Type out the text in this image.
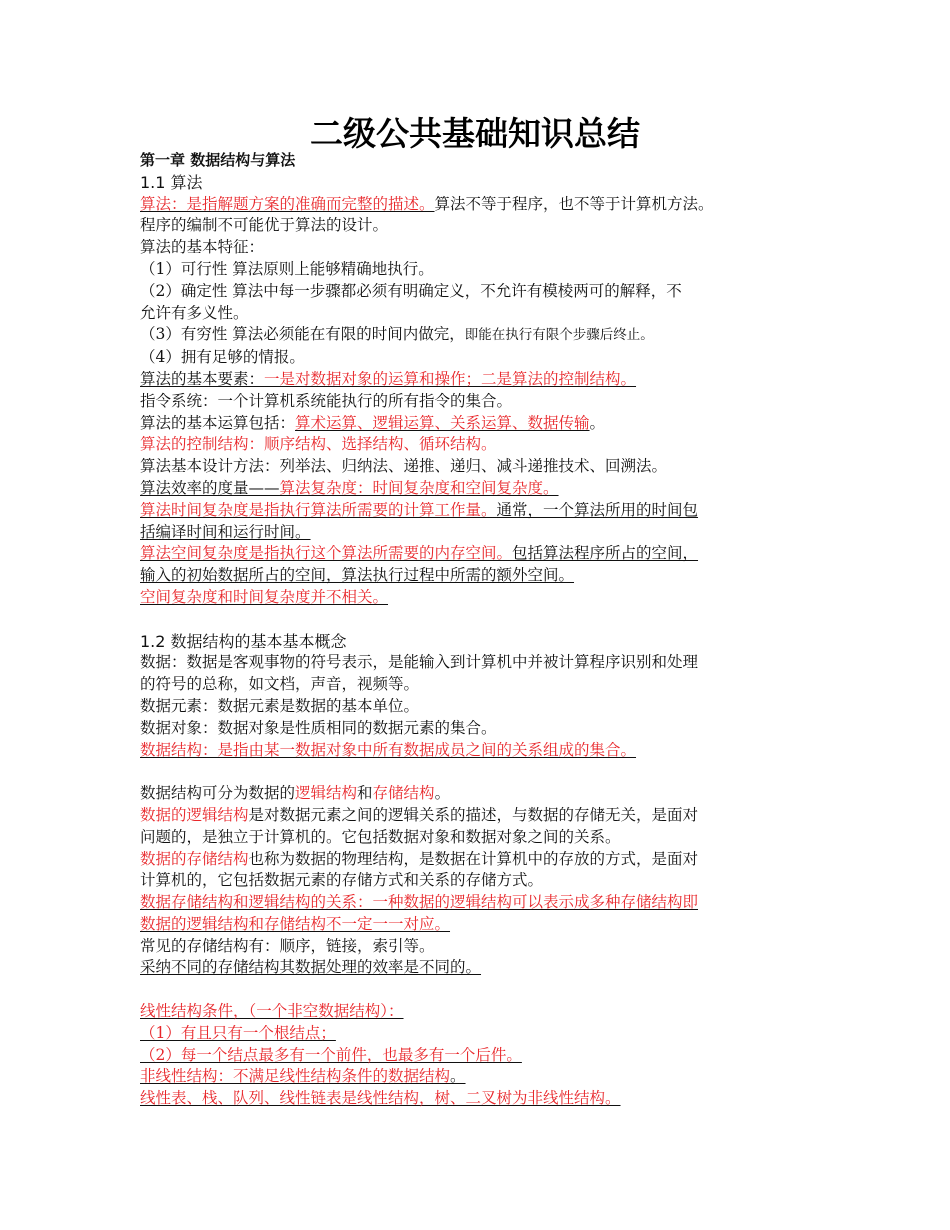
二级公共基础知识总结
第一章 数据结构与算法
1.1 算法
算法：是指解题方案的准确而完整的描述。算法不等于程序，也不等于计算机方法。
程序的编制不可能优于算法的设计。
算法的基本特征：
（1）可行性 算法原则上能够精确地执行。
（2）确定性 算法中每一步骤都必须有明确定义，不允许有模棱两可的解释，不
允许有多义性。
（3）有穷性 算法必须能在有限的时间内做完，即能在执行有限个步骤后终止。
（4）拥有足够的情报。
算法的基本要素：一是对数据对象的运算和操作；二是算法的控制结构。
指令系统：一个计算机系统能执行的所有指令的集合。
算法的基本运算包括：算术运算、逻辑运算、关系运算、数据传输。
算法的控制结构：顺序结构、选择结构、循环结构。
算法基本设计方法：列举法、归纳法、递推、递归、减斗递推技术、回溯法。
算法效率的度量——算法复杂度：时间复杂度和空间复杂度。
算法时间复杂度是指执行算法所需要的计算工作量。通常，一个算法所用的时间包
括编译时间和运行时间。
算法空间复杂度是指执行这个算法所需要的内存空间。包括算法程序所占的空间，
输入的初始数据所占的空间，算法执行过程中所需的额外空间。
空间复杂度和时间复杂度并不相关。
1.2 数据结构的基本基本概念
数据：数据是客观事物的符号表示，是能输入到计算机中并被计算程序识别和处理
的符号的总称，如文档，声音，视频等。
数据元素：数据元素是数据的基本单位。
数据对象：数据对象是性质相同的数据元素的集合。
数据结构：是指由某一数据对象中所有数据成员之间的关系组成的集合。
数据结构可分为数据的逻辑结构和存储结构。
数据的逻辑结构是对数据元素之间的逻辑关系的描述，与数据的存储无关，是面对
问题的，是独立于计算机的。它包括数据对象和数据对象之间的关系。
数据的存储结构也称为数据的物理结构，是数据在计算机中的存放的方式，是面对
计算机的，它包括数据元素的存储方式和关系的存储方式。
数据存储结构和逻辑结构的关系：一种数据的逻辑结构可以表示成多种存储结构即
数据的逻辑结构和存储结构不一定一一对应。
常见的存储结构有：顺序，链接，索引等。
采纳不同的存储结构其数据处理的效率是不同的。
线性结构条件，（一个非空数据结构）：
（1）有且只有一个根结点；
（2）每一个结点最多有一个前件，也最多有一个后件。
非线性结构：不满足线性结构条件的数据结构。
线性表、栈、队列、线性链表是线性结构，树、二叉树为非线性结构。
